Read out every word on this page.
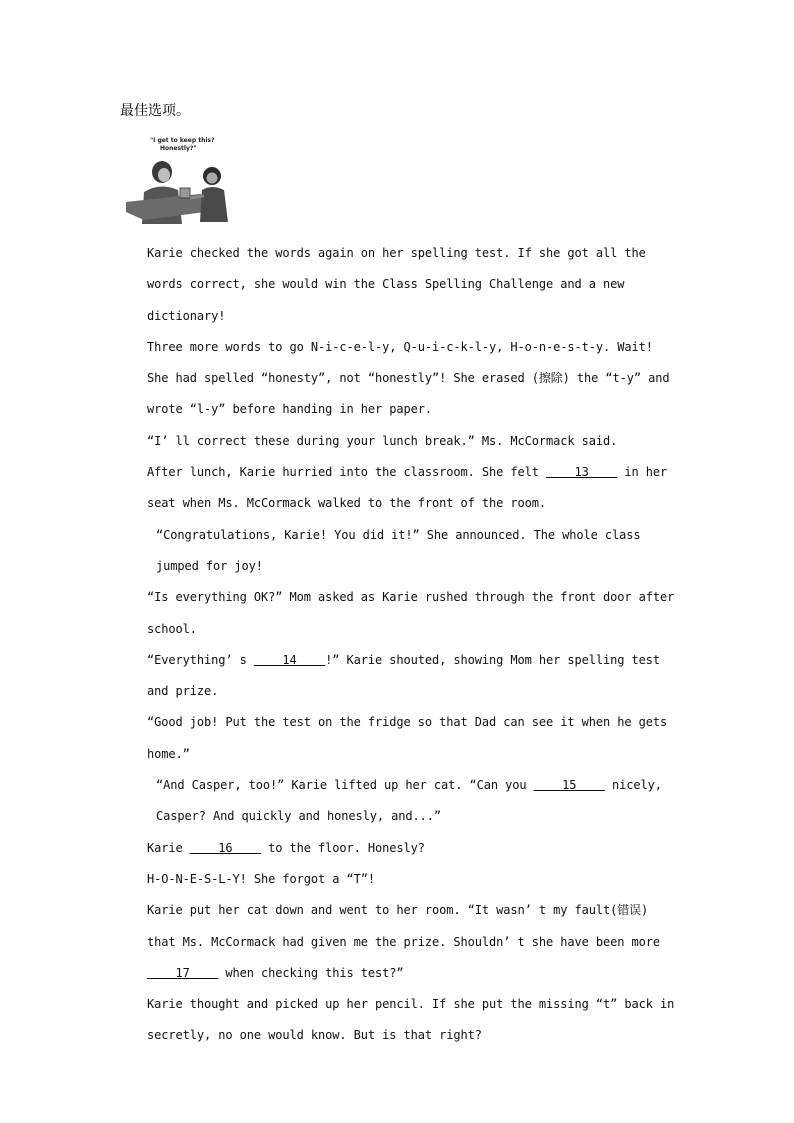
最佳选项。
"I get to keep this?
Honestly?"

Karie checked the words again on her spelling test. If she got all the words correct, she would win the Class Spelling Challenge and a new dictionary!

Three more words to go N-i-c-e-l-y, Q-u-i-c-k-l-y, H-o-n-e-s-t-y. Wait! She had spelled “honesty”, not “honestly”! She erased (擦除) the “t-y” and wrote “l-y” before handing in her paper.

“I’ ll correct these during your lunch break.” Ms. McCormack said.

After lunch, Karie hurried into the classroom. She felt     13     in her seat when Ms. McCormack walked to the front of the room.

“Congratulations, Karie! You did it!” She announced. The whole class jumped for joy!

“Is everything OK?” Mom asked as Karie rushed through the front door after school.

“Everything’ s     14    !” Karie shouted, showing Mom her spelling test and prize.

“Good job! Put the test on the fridge so that Dad can see it when he gets home.”

“And Casper, too!” Karie lifted up her cat. “Can you     15     nicely, Casper? And quickly and honesly, and...”

Karie     16     to the floor. Honesly?

H-O-N-E-S-L-Y! She forgot a “T”!

Karie put her cat down and went to her room. “It wasn’ t my fault(错误) that Ms. McCormack had given me the prize. Shouldn’ t she have been more     17     when checking this test?”

Karie thought and picked up her pencil. If she put the missing “t” back in secretly, no one would know. But is that right?
